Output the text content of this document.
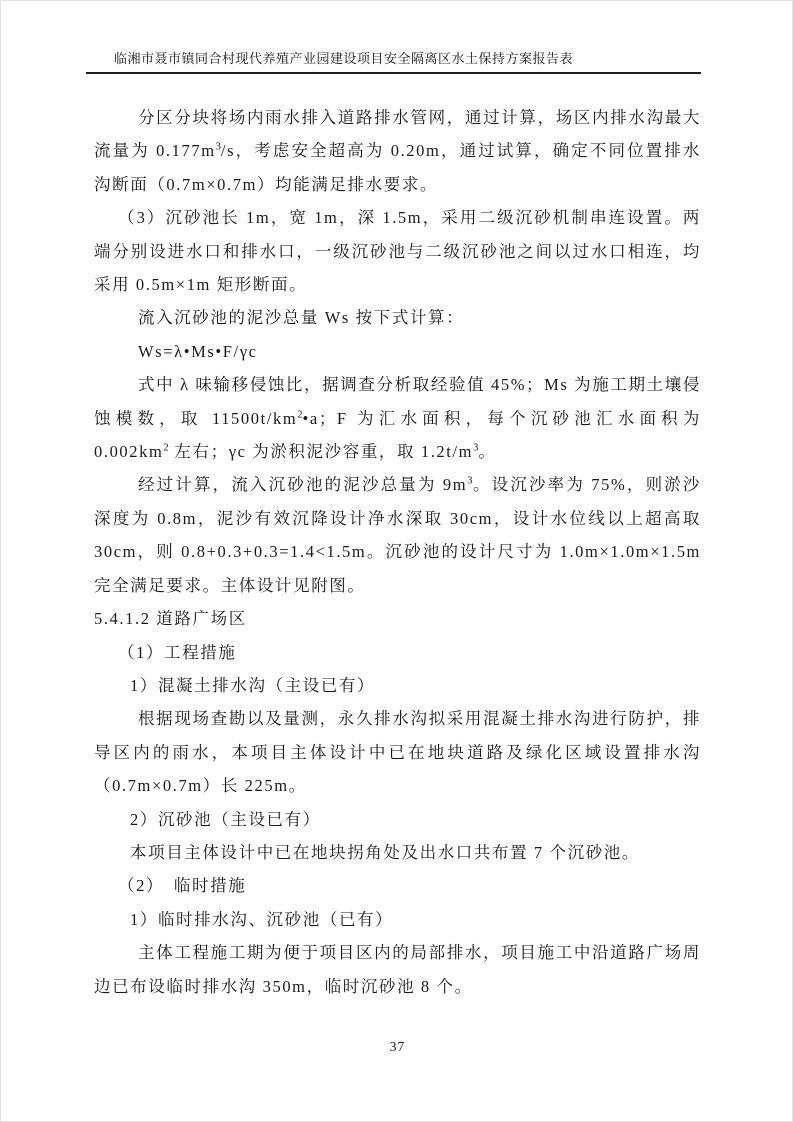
临湘市聂市镇同合村现代养殖产业园建设项目安全隔离区水土保持方案报告表

分区分块将场内雨水排入道路排水管网，通过计算，场区内排水沟最大流量为 $0.177m^3/s$，考虑安全超高为 0.20m，通过试算，确定不同位置排水沟断面（0.7m×0.7m）均能满足排水要求。

（3）沉砂池长 1m，宽 1m，深 1.5m，采用二级沉砂机制串连设置。两端分别设进水口和排水口，一级沉砂池与二级沉砂池之间以过水口相连，均采用 0.5m×1m 矩形断面。

流入沉砂池的泥沙总量 Ws 按下式计算：

Ws=λ•Ms•F/γc

式中 λ 味输移侵蚀比，据调查分析取经验值 45%；Ms 为施工期土壤侵蚀模数，取 $11500t/km^2•a$；F 为汇水面积，每个沉砂池汇水面积为 $0.002km^2$ 左右；γc 为淤积泥沙容重，取 $1.2t/m^3$。

经过计算，流入沉砂池的泥沙总量为 $9m^3$。设沉沙率为 75%，则淤沙深度为 0.8m，泥沙有效沉降设计净水深取 30cm，设计水位线以上超高取 30cm，则 0.8+0.3+0.3=1.4<1.5m。沉砂池的设计尺寸为 1.0m×1.0m×1.5m 完全满足要求。主体设计见附图。

5.4.1.2 道路广场区

（1）工程措施

1）混凝土排水沟（主设已有）

根据现场查勘以及量测，永久排水沟拟采用混凝土排水沟进行防护，排导区内的雨水，本项目主体设计中已在地块道路及绿化区域设置排水沟（0.7m×0.7m）长 225m。

2）沉砂池（主设已有）

本项目主体设计中已在地块拐角处及出水口共布置 7 个沉砂池。

（2）　临时措施

1）临时排水沟、沉砂池（已有）

主体工程施工期为便于项目区内的局部排水，项目施工中沿道路广场周边已布设临时排水沟 350m，临时沉砂池 8 个。

37
